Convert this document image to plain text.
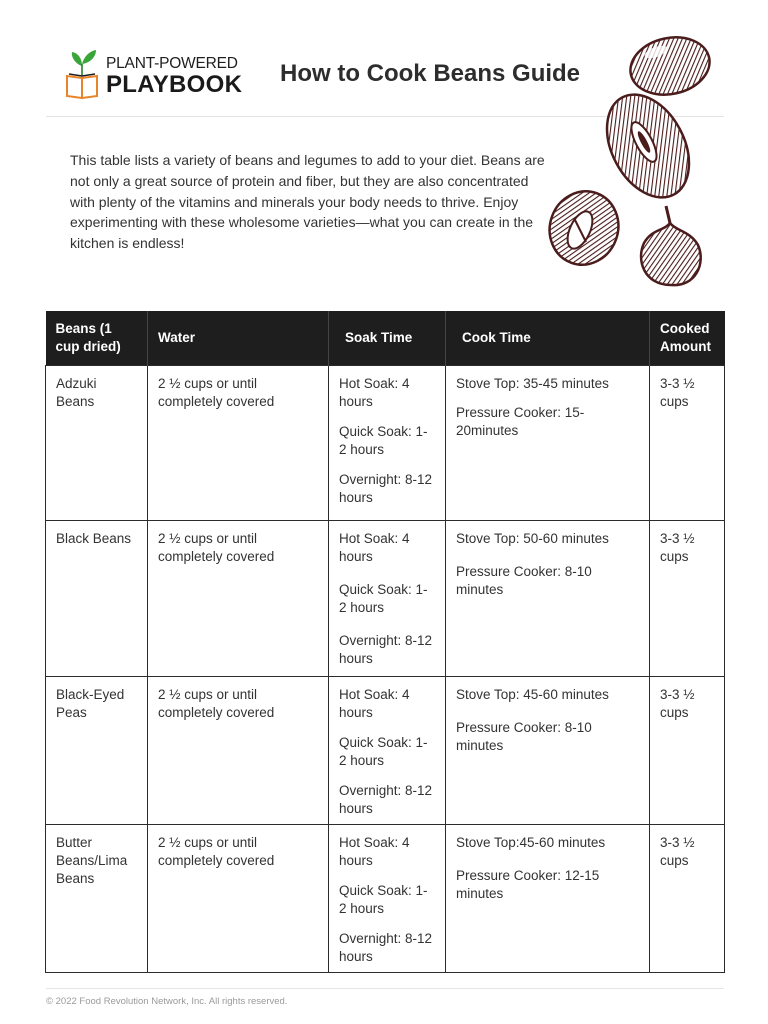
PLANT-POWERED
PLAYBOOK How to Cook Beans Guide

This table lists a variety of beans and legumes to add to your diet. Beans are not only a great source of protein and fiber, but they are also concentrated with plenty of the vitamins and minerals your body needs to thrive. Enjoy experimenting with these wholesome varieties—what you can create in the kitchen is endless!

Beans (1 cup dried)	Water	Soak Time	Cook Time	Cooked Amount
Adzuki Beans	2 ½ cups or until completely covered	Hot Soak: 4 hours
Quick Soak: 1-2 hours
Overnight: 8-12 hours	Stove Top: 35-45 minutes
Pressure Cooker: 15-20minutes	3-3 ½ cups
Black Beans	2 ½ cups or until completely covered	Hot Soak: 4 hours
Quick Soak: 1-2 hours
Overnight: 8-12 hours	Stove Top: 50-60 minutes
Pressure Cooker: 8-10 minutes	3-3 ½ cups
Black-Eyed Peas	2 ½ cups or until completely covered	Hot Soak: 4 hours
Quick Soak: 1-2 hours
Overnight: 8-12 hours	Stove Top: 45-60 minutes
Pressure Cooker: 8-10 minutes	3-3 ½ cups
Butter Beans/Lima Beans	2 ½ cups or until completely covered	Hot Soak: 4 hours
Quick Soak: 1-2 hours
Overnight: 8-12 hours	Stove Top:45-60 minutes
Pressure Cooker: 12-15 minutes	3-3 ½ cups
© 2022 Food Revolution Network, Inc. All rights reserved.
